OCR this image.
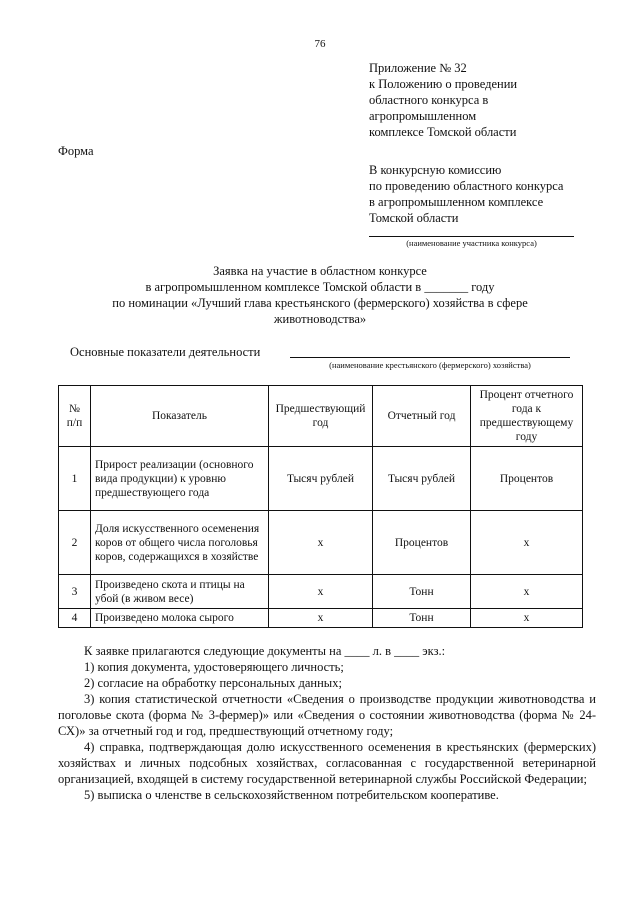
76
Приложение № 32
к Положению о проведении
областного конкурса в
агропромышленном
комплексе Томской области
Форма
В конкурсную комиссию
по проведению областного конкурса
в агропромышленном комплексе
Томской области
(наименование участника конкурса)
Заявка на участие в областном конкурсе
в агропромышленном комплексе Томской области в _______ году
по номинации «Лучший глава крестьянского (фермерского) хозяйства в сфере
животноводства»
Основные показатели деятельности
(наименование крестьянского (фермерского) хозяйства)
№ п/п	Показатель	Предшествующий год	Отчетный год	Процент отчетного года к предшествующему году
1	Прирост реализации (основного вида продукции) к уровню предшествующего года	Тысяч рублей	Тысяч рублей	Процентов
2	Доля искусственного осеменения коров от общего числа поголовья коров, содержащихся в хозяйстве	х	Процентов	х
3	Произведено скота и птицы на убой (в живом весе)	х	Тонн	х
4	Произведено молока сырого	х	Тонн	х

К заявке прилагаются следующие документы на ____ л. в ____ экз.:

1) копия документа, удостоверяющего личность;

2) согласие на обработку персональных данных;

3) копия статистической отчетности «Сведения о производстве продукции животноводства и поголовье скота (форма № 3-фермер)» или «Сведения о состоянии животноводства (форма № 24-СХ)» за отчетный год и год, предшествующий отчетному году;

4) справка, подтверждающая долю искусственного осеменения в крестьянских (фермерских) хозяйствах и личных подсобных хозяйствах, согласованная с государственной ветеринарной организацией, входящей в систему государственной ветеринарной службы Российской Федерации;

5) выписка о членстве в сельскохозяйственном потребительском кооперативе.
